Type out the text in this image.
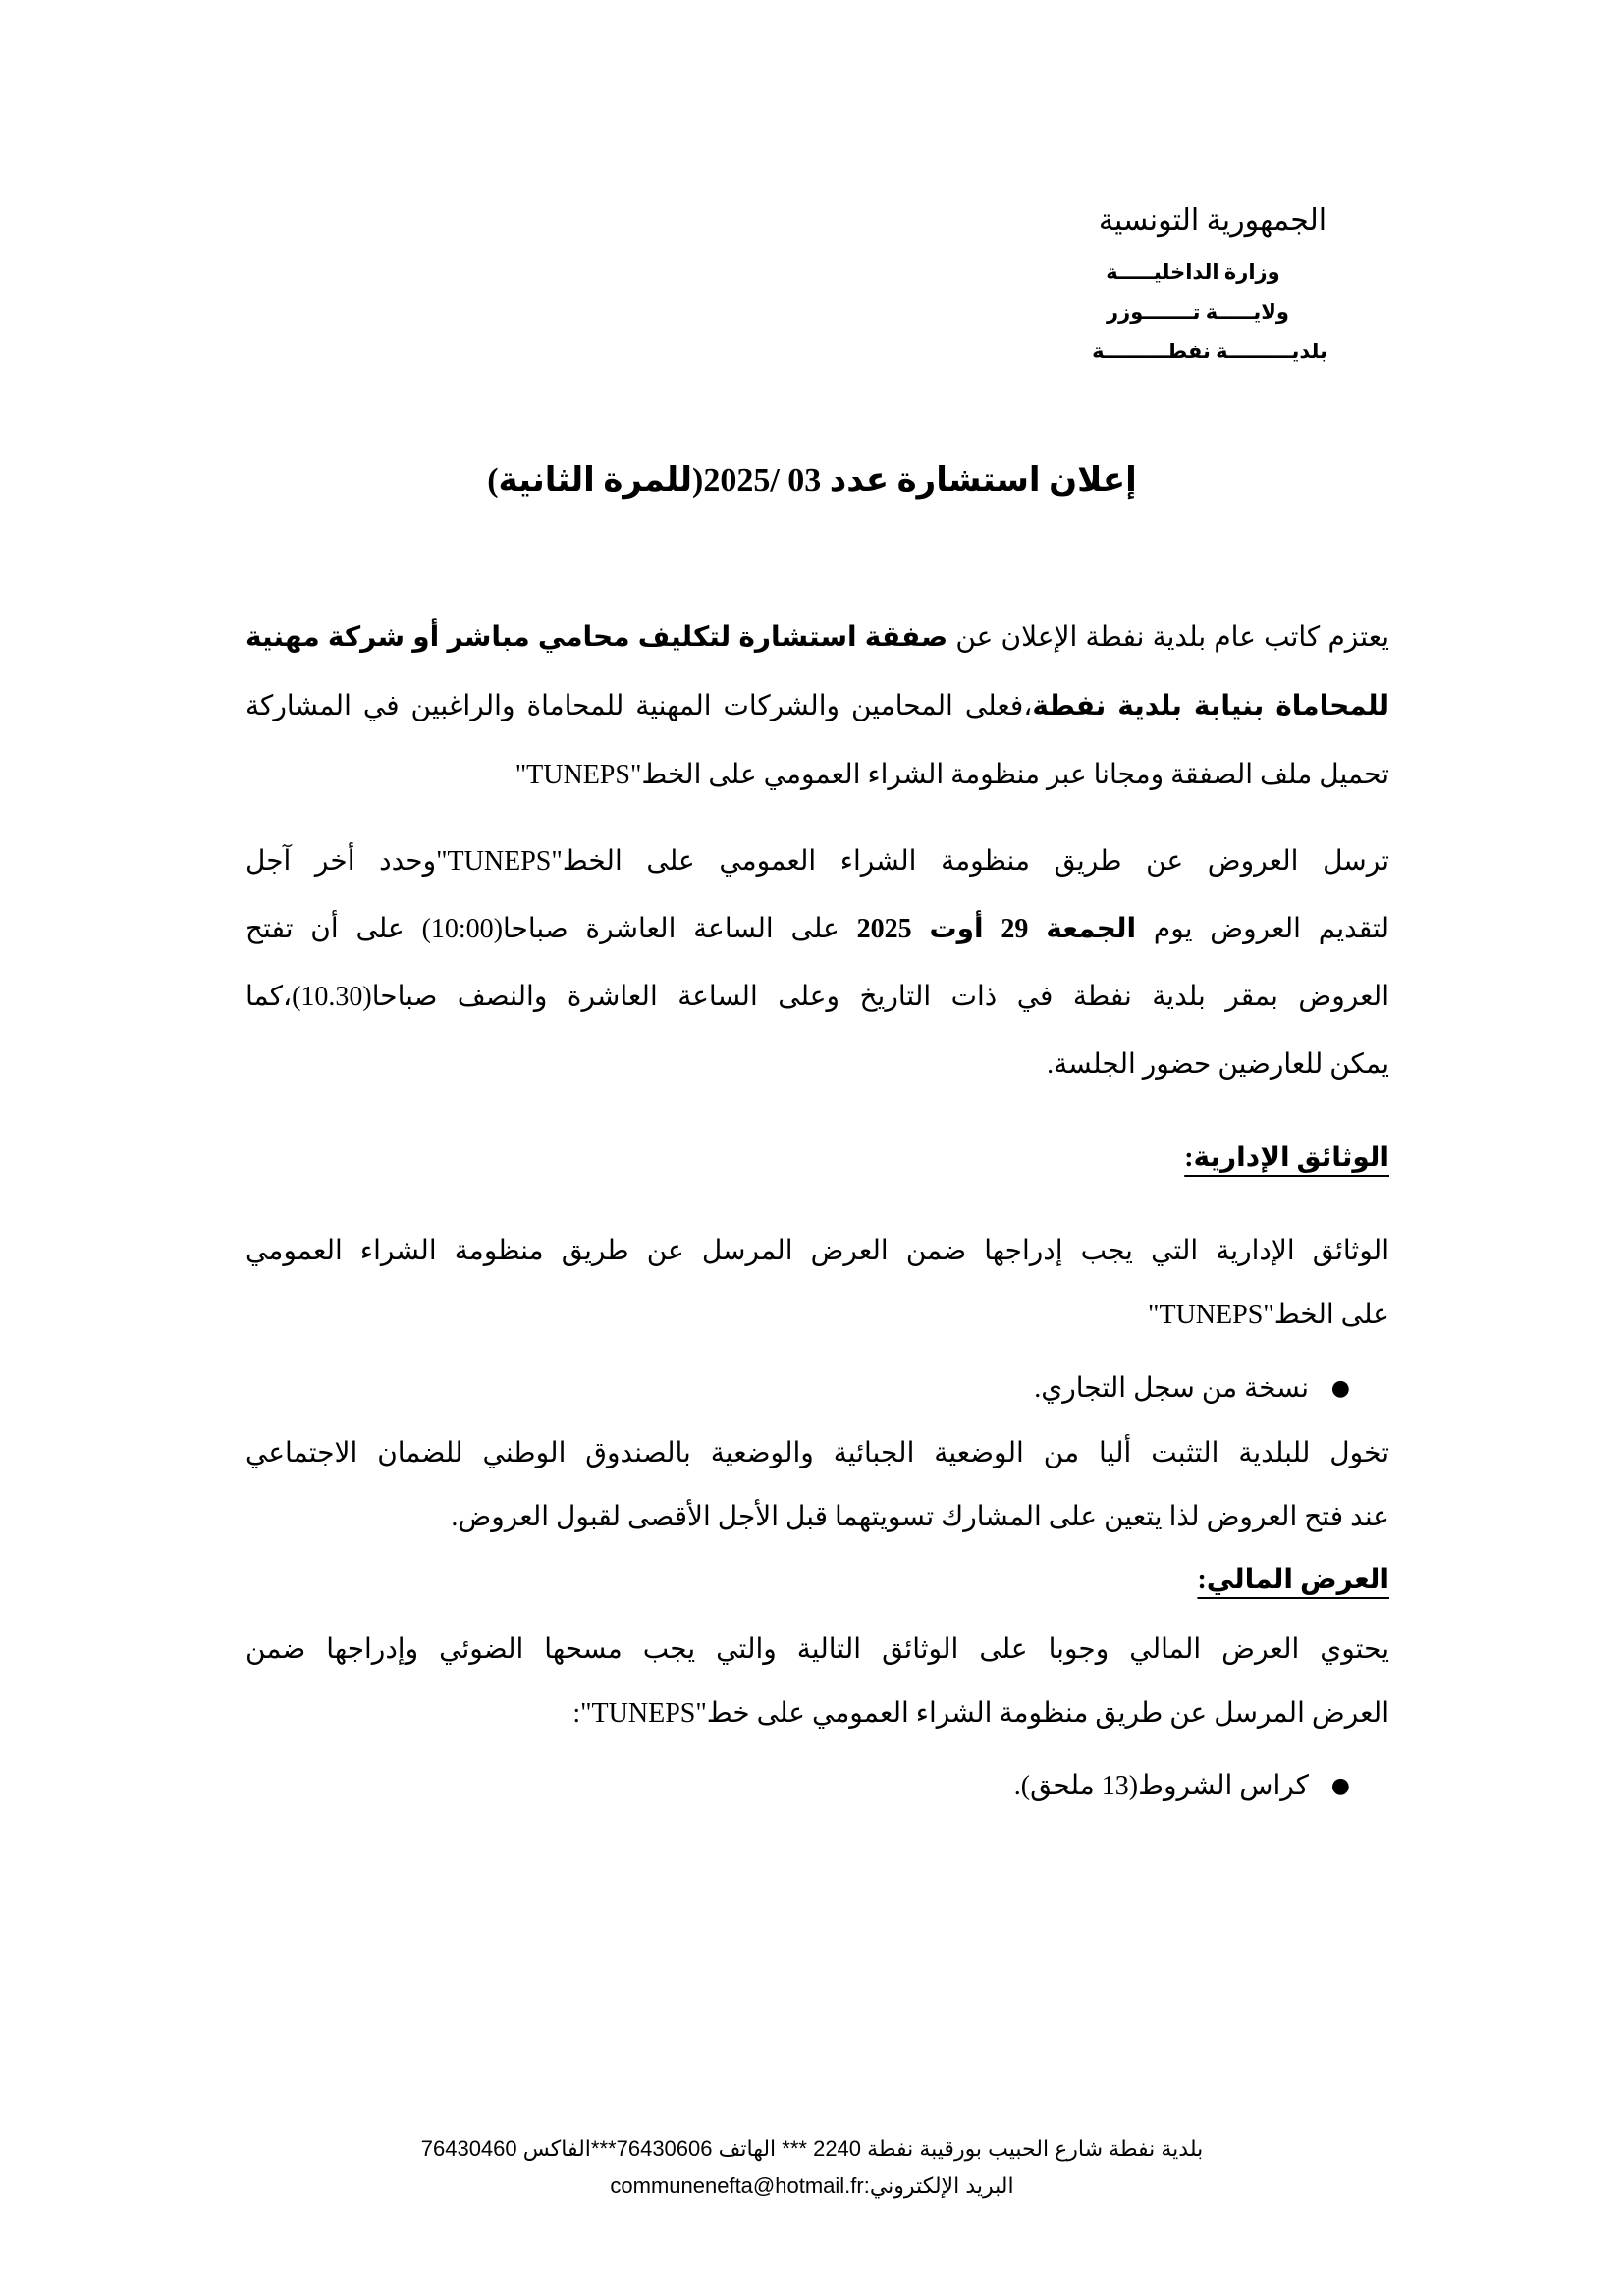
الجمهورية التونسية
وزارة الداخليـــــة
ولايـــــة تـــــــوزر
بلديـــــــــة نفطـــــــــة
إعلان استشارة عدد 03 /2025(للمرة الثانية)
يعتزم كاتب عام بلدية نفطة الإعلان عن صفقة استشارة لتكليف محامي مباشر أو شركة مهنية
للمحاماة بنيابة بلدية نفطة،فعلى المحامين والشركات المهنية للمحاماة والراغبين في المشاركة
تحميل ملف الصفقة ومجانا عبر منظومة الشراء العمومي على الخط"TUNEPS"
ترسل العروض عن طريق منظومة الشراء العمومي على الخط"TUNEPS"وحدد أخر آجل
لتقديم العروض يوم الجمعة 29 أوت 2025 على الساعة العاشرة صباحا(10:00) على أن تفتح
العروض بمقر بلدية نفطة في ذات التاريخ وعلى الساعة العاشرة والنصف صباحا(10.30)،كما
يمكن للعارضين حضور الجلسة.
الوثائق الإدارية:
الوثائق الإدارية التي يجب إدراجها ضمن العرض المرسل عن طريق منظومة الشراء العمومي
على الخط"TUNEPS"
●
نسخة من سجل التجاري.
تخول للبلدية التثبت أليا من الوضعية الجبائية والوضعية بالصندوق الوطني للضمان الاجتماعي
عند فتح العروض لذا يتعين على المشارك تسويتهما قبل الأجل الأقصى لقبول العروض.
العرض المالي:
يحتوي العرض المالي وجوبا على الوثائق التالية والتي يجب مسحها الضوئي وإدراجها ضمن
العرض المرسل عن طريق منظومة الشراء العمومي على خط"TUNEPS":
●
كراس الشروط(13 ملحق).
بلدية نفطة شارع الحبيب بورقيبة نفطة 2240 *** الهاتف 76430606***الفاكس 76430460
البريد الإلكتروني:communenefta@hotmail.fr
